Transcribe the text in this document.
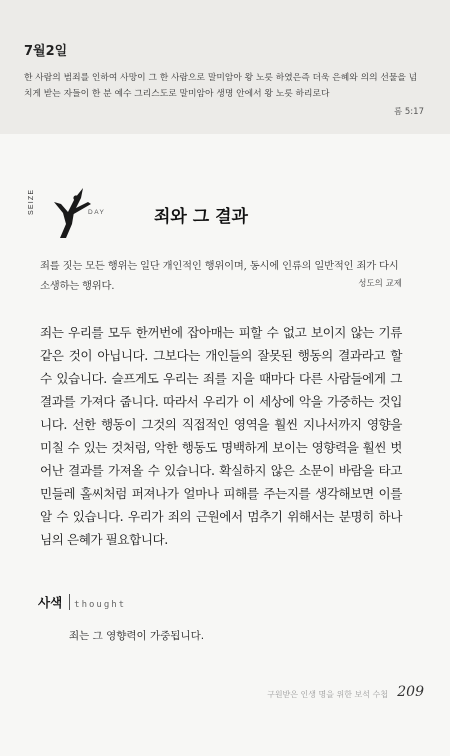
7월2일
한 사람의 범죄를 인하여 사망이 그 한 사람으로 말미암아 왕 노릇 하였은즉 더욱 은혜와 의의 선물을 넘치게 받는 자들이 한 분 예수 그리스도로 말미암아 생명 안에서 왕 노릇 하리로다
롬 5:17
SEIZE	DAY	죄와 그 결과
죄를 짓는 모든 행위는 일단 개인적인 행위이며, 동시에 인류의 일반적인 죄가 다시 소생하는 행위다.	성도의 교제
죄는 우리를 모두 한꺼번에 잡아매는 피할 수 없고 보이지 않는 기류 같은 것이 아닙니다. 그보다는 개인들의 잘못된 행동의 결과라고 할 수 있습니다. 슬프게도 우리는 죄를 지을 때마다 다른 사람들에게 그 결과를 가져다 줍니다. 따라서 우리가 이 세상에 악을 가중하는 것입니다. 선한 행동이 그것의 직접적인 영역을 훨씬 지나서까지 영향을 미칠 수 있는 것처럼, 악한 행동도 명백하게 보이는 영향력을 훨씬 벗어난 결과를 가져올 수 있습니다. 확실하지 않은 소문이 바람을 타고 민들레 홀씨처럼 퍼져나가 얼마나 피해를 주는지를 생각해보면 이를 알 수 있습니다. 우리가 죄의 근원에서 멈추기 위해서는 분명히 하나님의 은혜가 필요합니다.
사색 thought
죄는 그 영향력이 가중됩니다.
구원받은 인생 명을 위한 보석 수첩 209
